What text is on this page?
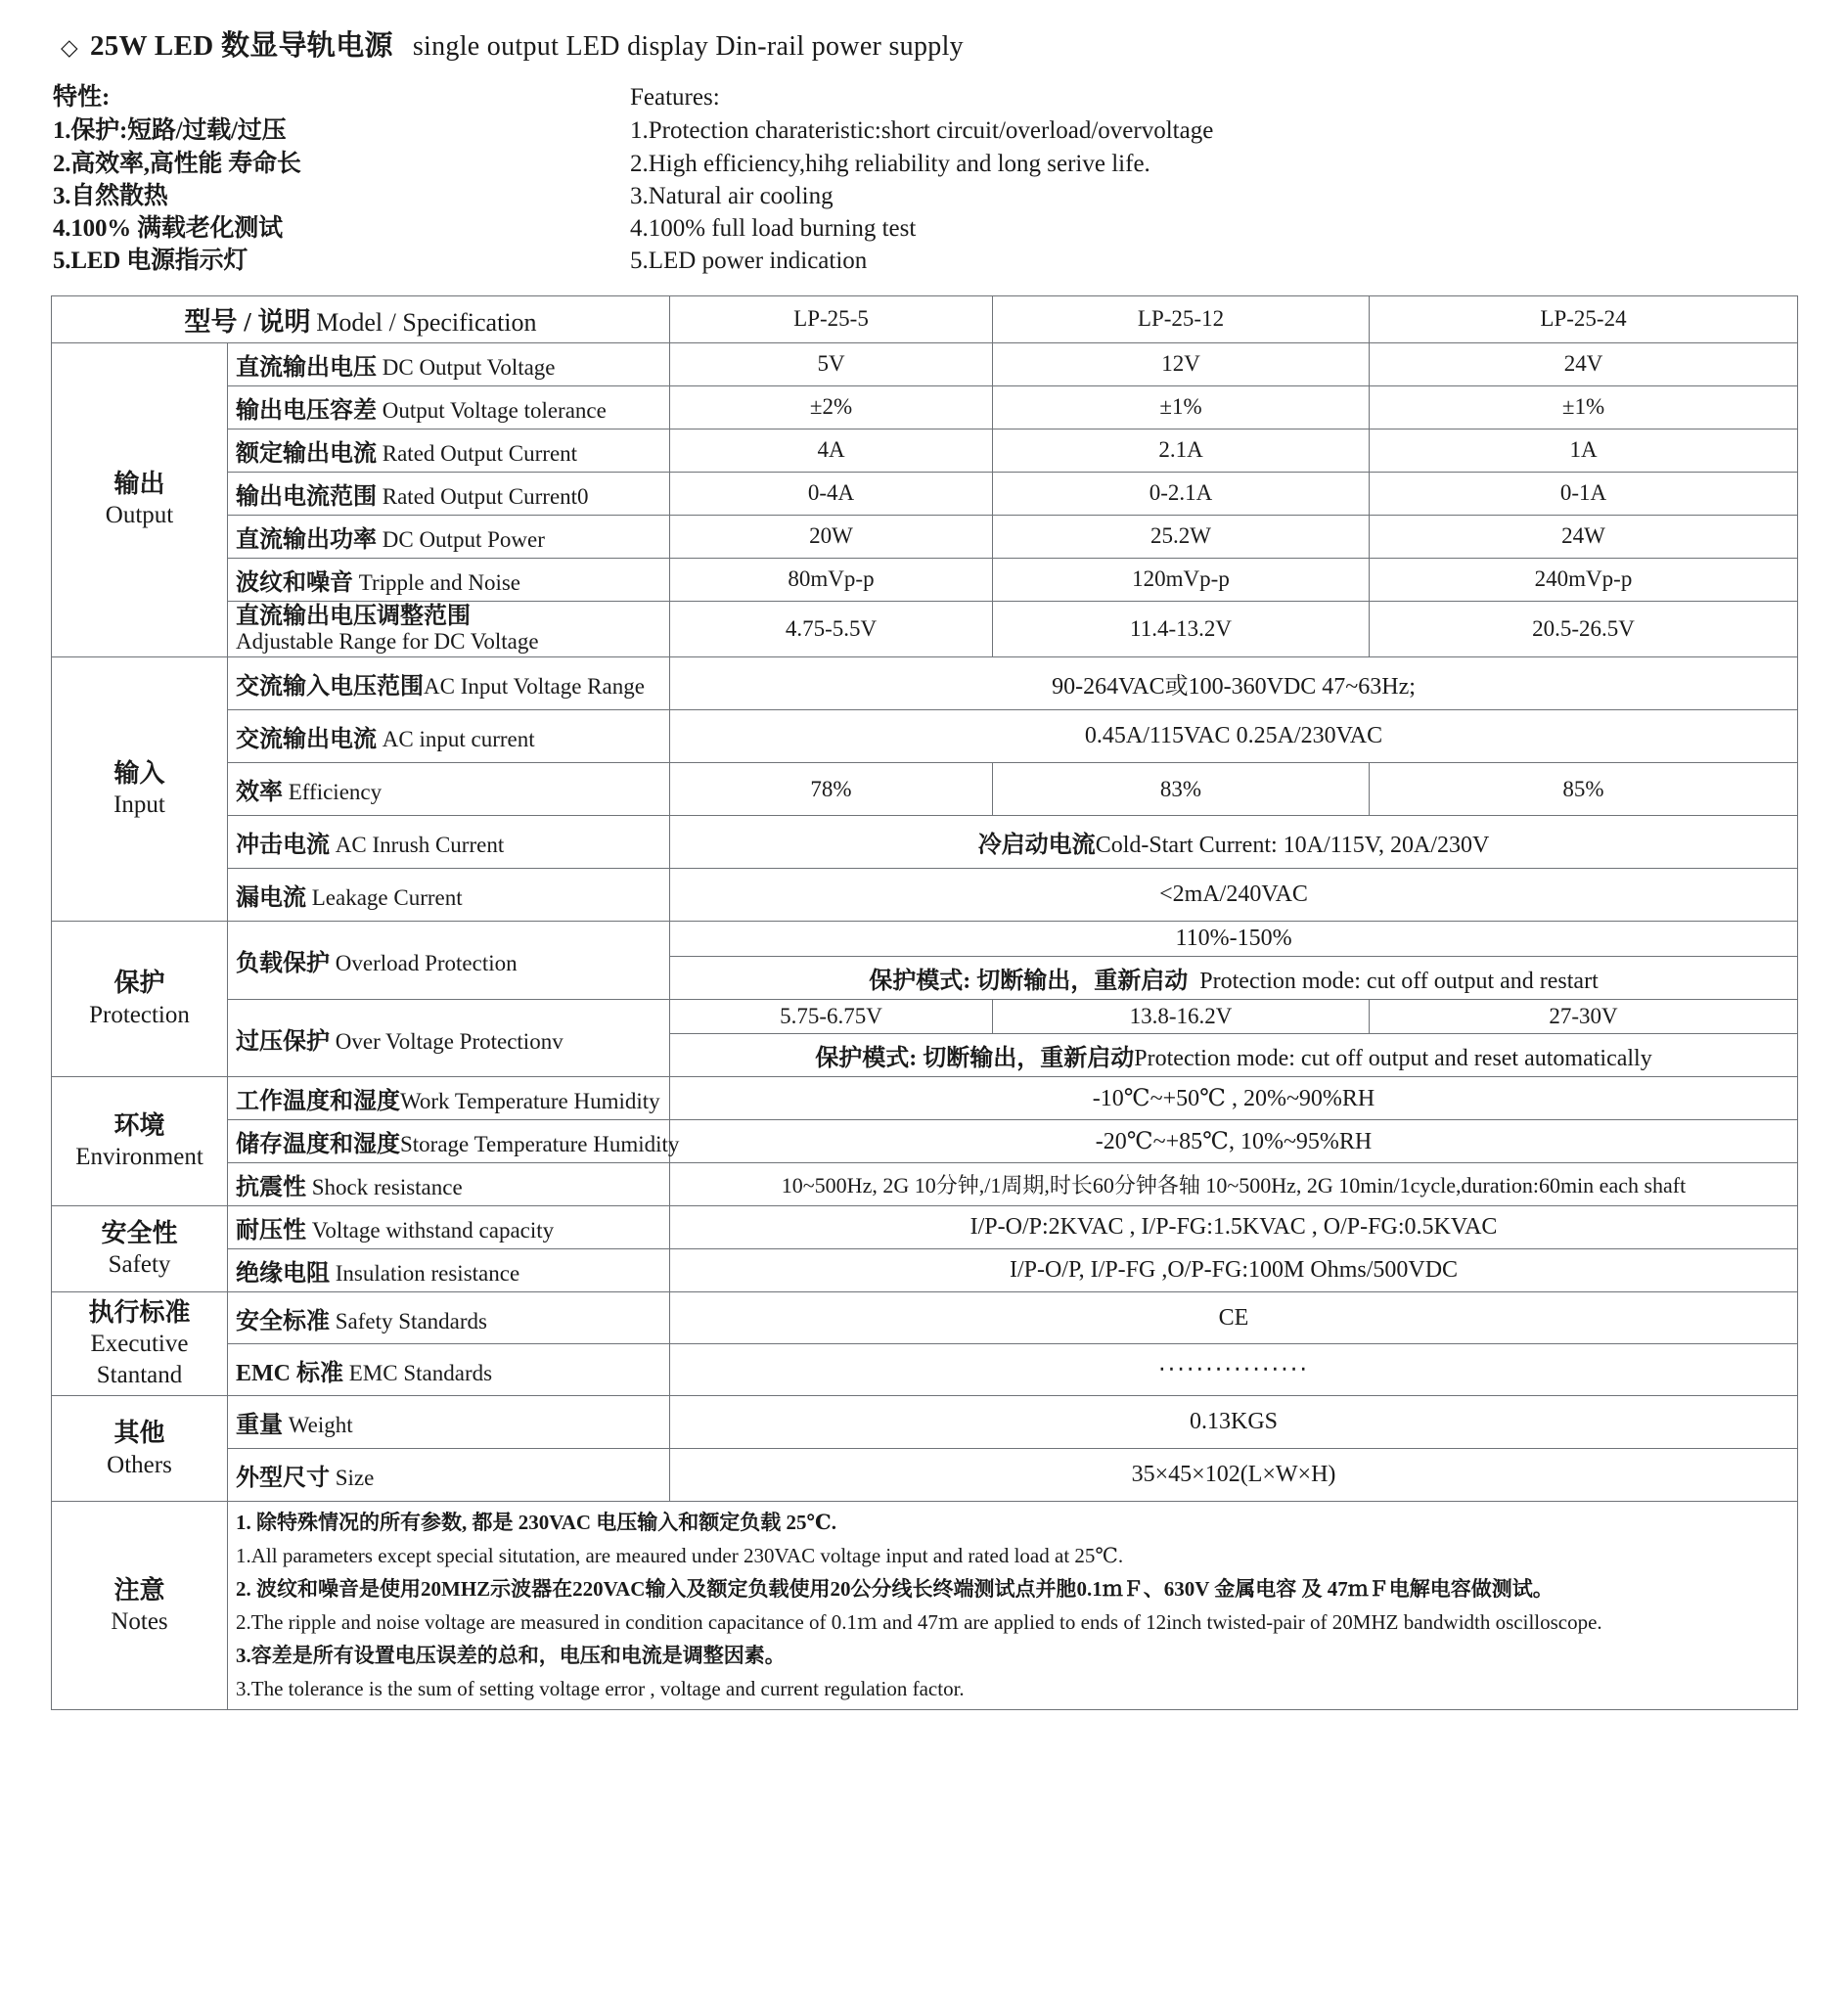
◇ 25W LED 数显导轨电源 single output LED display Din-rail power supply
特性:
1.保护:短路/过载/过压
2.高效率,高性能 寿命长
3.自然散热
4.100% 满载老化测试
5.LED 电源指示灯
Features:
1.Protection charateristic:short circuit/overload/overvoltage
2.High efficiency,hihg reliability and long serive life.
3.Natural air cooling
4.100% full load burning test
5.LED power indication
型号 / 说明 Model / Specification		LP-25-5	LP-25-12	LP-25-24

输出
Output	直流输出电压 DC Output Voltage	5V	12V	24V
	输出电压容差 Output Voltage tolerance	±2%	±1%	±1%
	额定输出电流 Rated Output Current	4A	2.1A	1A
	输出电流范围 Rated Output Current0	0-4A	0-2.1A	0-1A
	直流输出功率 DC Output Power	20W	25.2W	24W
	波纹和噪音 Tripple and Noise	80mVp-p	120mVp-p	240mVp-p

	直流输出电压调整范围
Adjustable Range for DC Voltage	4.75-5.5V	11.4-13.2V	20.5-26.5V

输入
Input	交流输入电压范围AC Input Voltage Range	90-264VAC或100-360VDC 47~63Hz;		
	交流输出电流 AC input current	0.45A/115VAC 0.25A/230VAC		
	效率 Efficiency	78%	83%	85%
	冲击电流 AC Inrush Current	冷启动电流Cold-Start Current: 10A/115V, 20A/230V		
	漏电流 Leakage Current	<2mA/240VAC		

保护
Protection	负载保护 Overload Protection	110%-150%		
		保护模式: 切断输出，重新启动 Protection mode: cut off output and restart		
	过压保护 Over Voltage Protectionv	5.75-6.75V	13.8-16.2V	27-30V
		保护模式: 切断输出，重新启动Protection mode: cut off output and reset automatically		

环境
Environment	工作温度和湿度Work Temperature Humidity	-10℃~+50℃ , 20%~90%RH		
	储存温度和湿度Storage Temperature Humidity	-20℃~+85℃, 10%~95%RH		
	抗震性 Shock resistance	10~500Hz, 2G 10分钟,/1周期,时长60分钟各轴 10~500Hz, 2G 10min/1cycle,duration:60min each shaft		

安全性
Safety	耐压性 Voltage withstand capacity	I/P-O/P:2KVAC , I/P-FG:1.5KVAC , O/P-FG:0.5KVAC		
	绝缘电阻 Insulation resistance	I/P-O/P, I/P-FG ,O/P-FG:100M Ohms/500VDC		

执行标准
Executive
Stantand	安全标准 Safety Standards	CE		
	EMC 标准 EMC Standards	‧‧‧‧‧‧‧‧‧‧‧‧‧‧‧‧		

其他
Others	重量 Weight	0.13KGS		
	外型尺寸 Size	35×45×102(L×W×H)		

注意
Notes

1. 除特殊情况的所有参数, 都是 230VAC 电压输入和额定负载 25℃.
1.All parameters except special situtation, are meaured under 230VAC voltage input and rated load at 25℃.
2. 波纹和噪音是使用20MHZ示波器在220VAC输入及额定负载使用20公分线长终端测试点并肔0.1ｍＦ、630V 金属电容 及 47ｍＦ电解电容做测试。
2.The ripple and noise voltage are measured in condition capacitance of 0.1ｍ and 47ｍ are applied to ends of 12inch twisted-pair of 20MHZ bandwidth oscilloscope.
3.容差是所有设置电压误差的总和，电压和电流是调整因素。
3.The tolerance is the sum of setting voltage error , voltage and current regulation factor.
